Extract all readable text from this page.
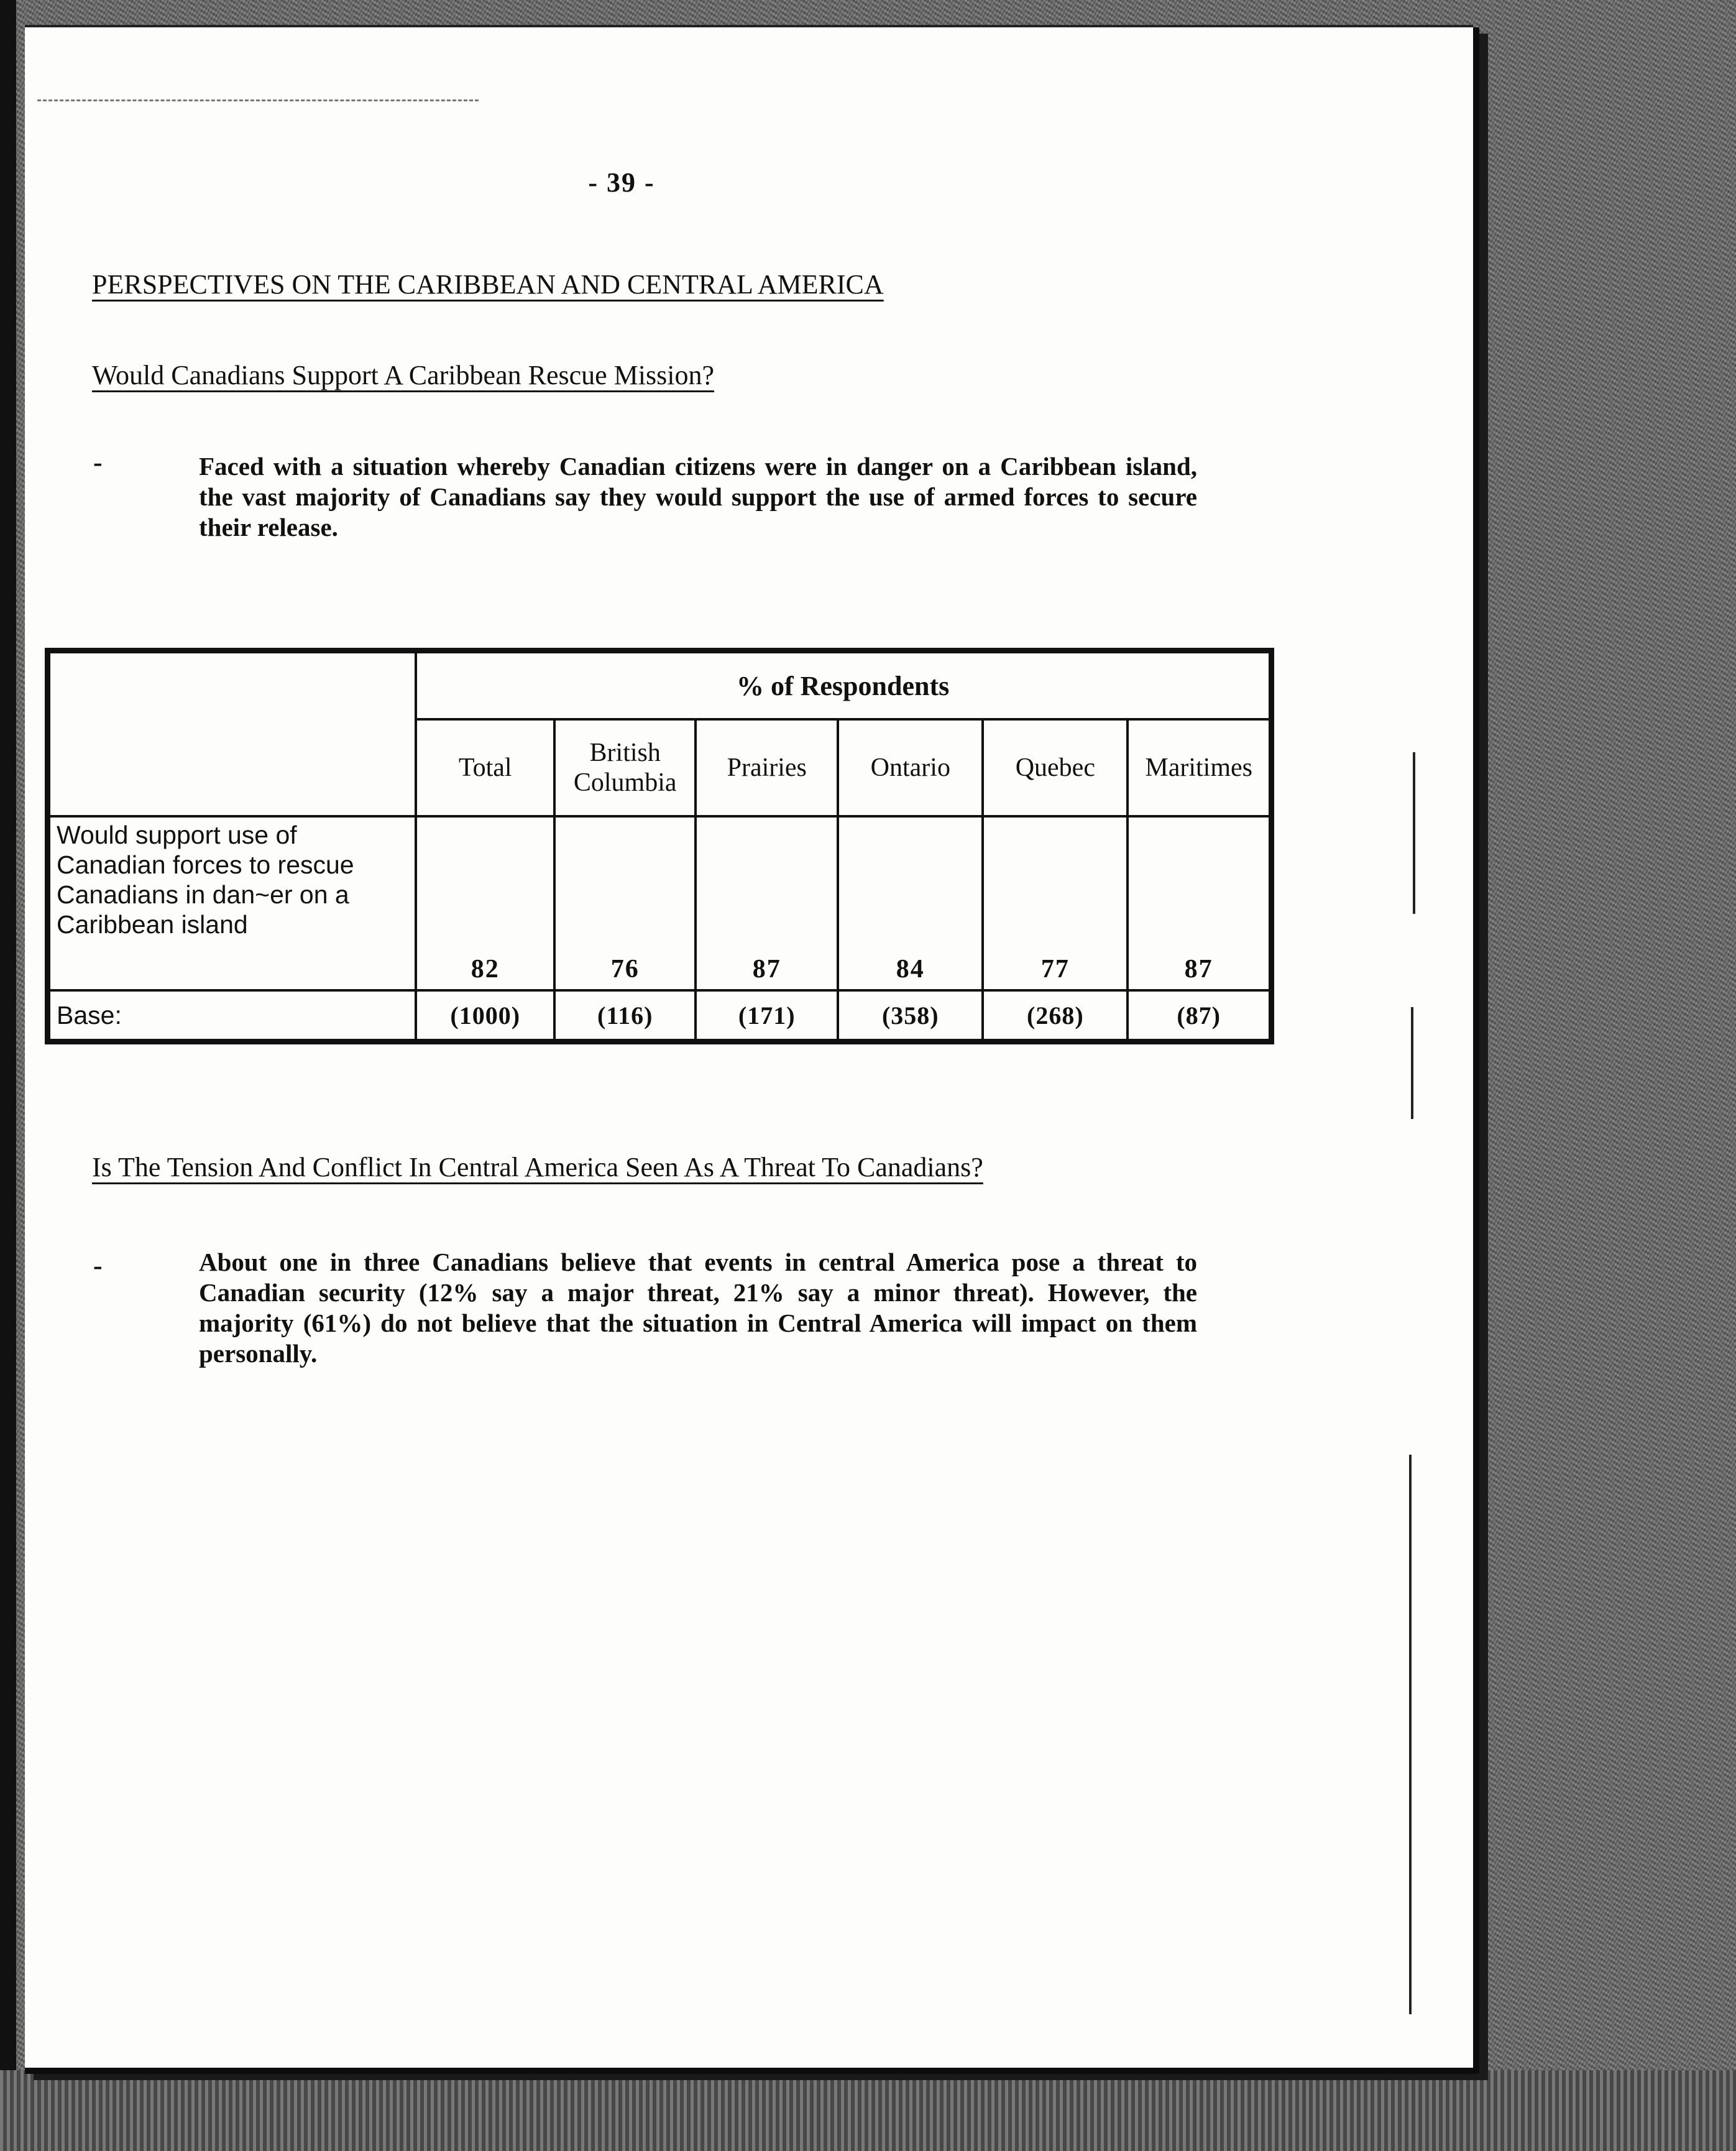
- 39 -
PERSPECTIVES ON THE CARIBBEAN AND CENTRAL AMERICA
Would Canadians Support A Caribbean Rescue Mission?
-	Faced with a situation whereby Canadian citizens were in danger on a Caribbean island, the vast majority of Canadians say they would support the use of armed forces to secure their release.
	% of Respondents					
	Total	British Columbia	Prairies	Ontario	Quebec	Maritimes
Would support use of Canadian forces to rescue Canadians in dan~er on a Caribbean island	82	76	87	84	77	87
Base:	(1000)	(116)	(171)	(358)	(268)	(87)
Is The Tension And Conflict In Central America Seen As A Threat To Canadians?
-	About one in three Canadians believe that events in central America pose a threat to Canadian security (12% say a major threat, 21% say a minor threat). However, the majority (61%) do not believe that the situation in Central America will impact on them personally.
